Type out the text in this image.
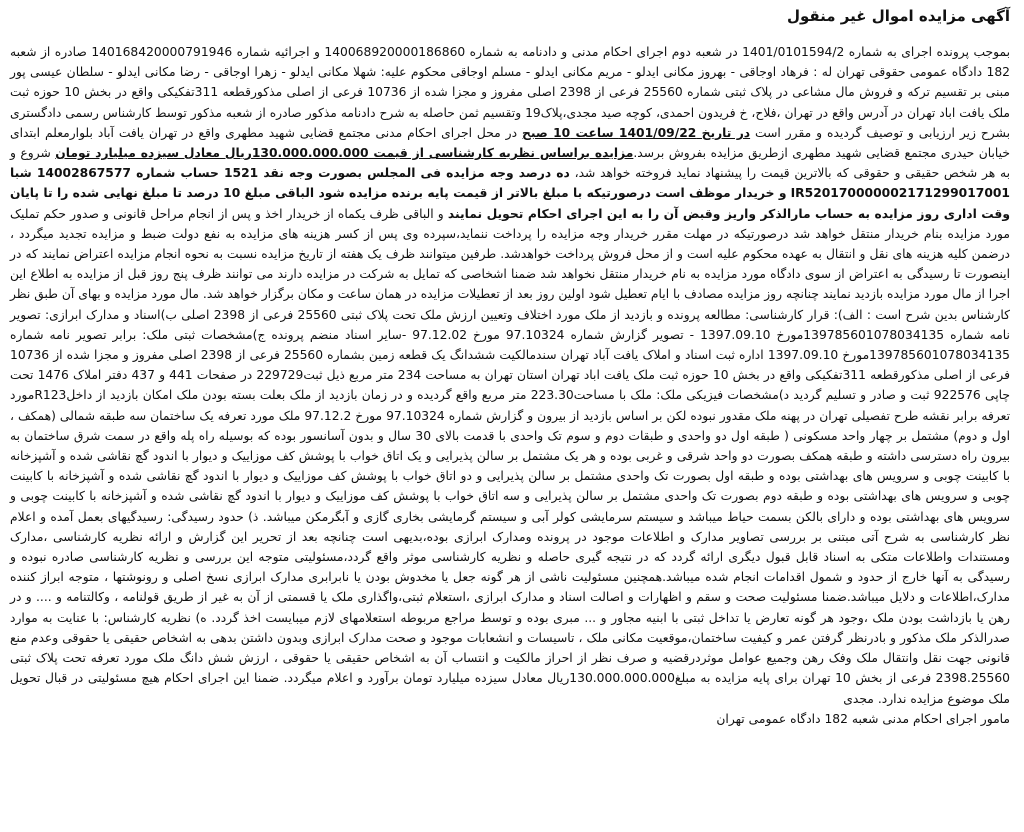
آگهی مزایده اموال غیر منقول

بموجب پرونده اجرای به شماره 1401/0101594/2 در شعبه دوم اجرای احکام مدنی و دادنامه به شماره 140068920000186860 و اجرائیه شماره 140168420000791946 صادره از شعبه 182 دادگاه عمومی حقوقی تهران له : فرهاد اوجاقی - بهروز مکانی ایدلو - مریم مکانی ایدلو - مسلم اوجاقی محکوم علیه: شهلا مکانی ایدلو - زهرا اوجاقی - رضا مکانی ایدلو - سلطان عیسی پور مبنی بر تقسیم ترکه و فروش مال مشاعی در پلاک ثبتی شماره 25560 فرعی از 2398 اصلی مفروز و مجزا شده از 10736 فرعی از اصلی مذکورقطعه 311تفکیکی واقع در بخش 10 حوزه ثبت ملک یافت اباد تهران در آدرس واقع در تهران ،فلاح، خ فریدون احمدی، کوچه صید مجدی،پلاک19 وتقسیم ثمن حاصله به شرح دادنامه مذکور صادره از شعبه مذکور توسط کارشناس رسمی دادگستری بشرح زیر ارزیابی و توصیف گردیده و مقرر است در تاریخ 1401/09/22 ساعت 10 صبح در محل اجرای احکام مدنی مجتمع قضایی شهید مطهری واقع در تهران یافت آباد بلوارمعلم ابتدای خیابان حیدری مجتمع قضایی شهید مطهری ازطریق مزایده بفروش برسد.مزایده براساس نظریه کارشناسی از قیمت 130.000.000.000ریال معادل سیزده میلیارد تومان شروع و به هر شخص حقیقی و حقوقی که بالاترین قیمت را پیشنهاد نماید فروخته خواهد شد، ده درصد وجه مزایده فی المجلس بصورت وجه نقد 1521 حساب شماره 14002867577 شبا IR520170000002171299017001 و خریدار موظف است درصورتیکه با مبلغ بالاتر از قیمت پایه برنده مزایده شود الباقی مبلغ 10 درصد تا مبلغ نهایی شده را تا پایان وقت اداری روز مزایده به حساب مارالذکر واریز وقبض آن را به این اجرای احکام تحویل نمایند و الباقی ظرف یکماه از خریدار اخذ و پس از انجام مراحل قانونی و صدور حکم تملیک مورد مزایده بنام خریدار منتقل خواهد شد درصورتیکه در مهلت مقرر خریدار وجه مزایده را پرداخت ننماید،سپرده وی پس از کسر هزینه های مزایده به نفع دولت ضبط و مزایده تجدید میگردد ، درضمن کلیه هزینه های نقل و انتقال به عهده محکوم علیه است و از محل فروش پرداخت خواهدشد. طرفین میتوانند ظرف یک هفته از تاریخ مزایده نسبت به نحوه انجام مزایده اعتراض نمایند که در اینصورت تا رسیدگی به اعتراض از سوی دادگاه مورد مزایده به نام خریدار منتقل نخواهد شد ضمنا اشخاصی که تمایل به شرکت در مزایده دارند می توانند ظرف پنج روز قبل از مزایده به اطلاع این اجرا از مال مورد مزایده بازدید نمایند چنانچه روز مزایده مصادف با ایام تعطیل شود اولین روز بعد از تعطیلات مزایده در همان ساعت و مکان برگزار خواهد شد. مال مورد مزایده و بهای آن طبق نظر کارشناس بدین شرح است : الف): قرار کارشناسی: مطالعه پرونده و بازدید از ملک مورد اختلاف وتعیین ارزش ملک تحت پلاک ثبتی 25560 فرعی از 2398 اصلی ب)اسناد و مدارک ابرازی: تصویر نامه شماره 139785601078034135مورخ 1397.09.10 - تصویر گزارش شماره 97.10324 مورخ 97.12.02 -سایر اسناد منضم پرونده ج)مشخصات ثبتی ملک: برابر تصویر نامه شماره 139785601078034135مورخ 1397.09.10 اداره ثبت اسناد و املاک یافت آباد تهران سندمالکیت ششدانگ یک قطعه زمین بشماره 25560 فرعی از 2398 اصلی مفروز و مجزا شده از 10736 فرعی از اصلی مذکورقطعه 311تفکیکی واقع در بخش 10 حوزه ثبت ملک یافت اباد تهران استان تهران به مساحت 234 متر مربع ذیل ثبت229729 در صفحات 441 و 437 دفتر املاک 1476 تحت چاپی 922576 ثبت و صادر و تسلیم گردید د)مشخصات فیزیکی ملک: ملک با مساحت223.30 متر مربع واقع گردیده و در زمان بازدید از ملک بعلت بسته بودن ملک امکان بازدید از داخلR123مورد تعرفه برابر نقشه طرح تفصیلی تهران در پهنه ملک مقدور نبوده لکن بر اساس بازدید از بیرون و گزارش شماره 97.10324 مورخ 97.12.2 ملک مورد تعرفه یک ساختمان سه طبقه شمالی (همکف ، اول و دوم) مشتمل بر چهار واحد مسکونی ( طبقه اول دو واحدی و طبقات دوم و سوم تک واحدی با قدمت بالای 30 سال و بدون آسانسور بوده که بوسیله راه پله واقع در سمت شرق ساختمان به بیرون راه دسترسی داشته و طبقه همکف بصورت دو واحد شرقی و غربی بوده و هر یک مشتمل بر سالن پذیرایی و یک اتاق خواب با پوشش کف موزاییک و دیوار با اندود گچ نقاشی شده و آشپزخانه با کابینت چوبی و سرویس های بهداشتی بوده و طبقه اول بصورت تک واحدی مشتمل بر سالن پذیرایی و دو اتاق خواب با پوشش کف موزاییک و دیوار با اندود گچ نقاشی شده و آشپزخانه با کابینت چوبی و سرویس های بهداشتی بوده و طبقه دوم بصورت تک واحدی مشتمل بر سالن پذیرایی و سه اتاق خواب با پوشش کف موزاییک و دیوار با اندود گچ نقاشی شده و آشپزخانه با کابینت چوبی و سرویس های بهداشتی بوده و دارای بالکن بسمت حیاط میباشد و سیستم سرمایشی کولر آبی و سیستم گرمایشی بخاری گازی و آبگرمکن میباشد. ذ) حدود رسیدگی: رسیدگیهای بعمل آمده و اعلام نظر کارشناسی به شرح آتی مبتنی بر بررسی تصاویر مدارک و اطلاعات موجود در پرونده ومدارک ابرازی بوده،بدیهی است چنانچه بعد از تحریر این گزارش و ارائه نظریه کارشناسی ،مدارک ومستندات واطلاعات متکی به اسناد قابل قبول دیگری ارائه گردد که در نتیجه گیری حاصله و نظریه کارشناسی موثر واقع گردد،مسئولیتی متوجه این بررسی و نظریه کارشناسی صادره نبوده و رسیدگی به آنها خارج از حدود و شمول اقدامات انجام شده میباشد.همچنین مسئولیت ناشی از هر گونه جعل یا مخدوش بودن یا نابرابری مدارک ابرازی نسخ اصلی و رونوشتها ، متوجه ابراز کننده مدارک،اطلاعات و دلایل میباشد.ضمنا مسئولیت صحت و سقم و اظهارات و اصالت اسناد و مدارک ابرازی ،استعلام ثبتی،واگذاری ملک یا قسمتی از آن به غیر از طریق قولنامه ، وکالتنامه و .... و در رهن یا بازداشت بودن ملک ،وجود هر گونه تعارض یا تداخل ثبتی با ابنیه مجاور و ... مبری بوده و توسط مراجع مربوطه استعلامهای لازم میبایست اخذ گردد. ه) نظریه کارشناس: با عنایت به موارد صدرالذکر ملک مذکور و بادرنظر گرفتن عمر و کیفیت ساختمان،موقعیت مکانی ملک ، تاسیسات و انشعابات موجود و صحت مدارک ابرازی وبدون داشتن بدهی به اشخاص حقیقی یا حقوقی وعدم منع قانونی جهت نقل وانتقال ملک وفک رهن وجمیع عوامل موثردرقضیه و صرف نظر از احراز مالکیت و انتساب آن به اشخاص حقیقی یا حقوقی ، ارزش شش دانگ ملک مورد تعرفه تحت پلاک ثبتی 2398.25560 فرعی از بخش 10 تهران برای پایه مزایده به مبلغ130.000.000.000ریال معادل سیزده میلیارد تومان برآورد و اعلام میگردد. ضمنا این اجرای احکام هیچ مسئولیتی در قبال تحویل ملک موضوع مزایده ندارد. مجدی

مامور اجرای احکام مدنی شعبه 182 دادگاه عمومی تهران
